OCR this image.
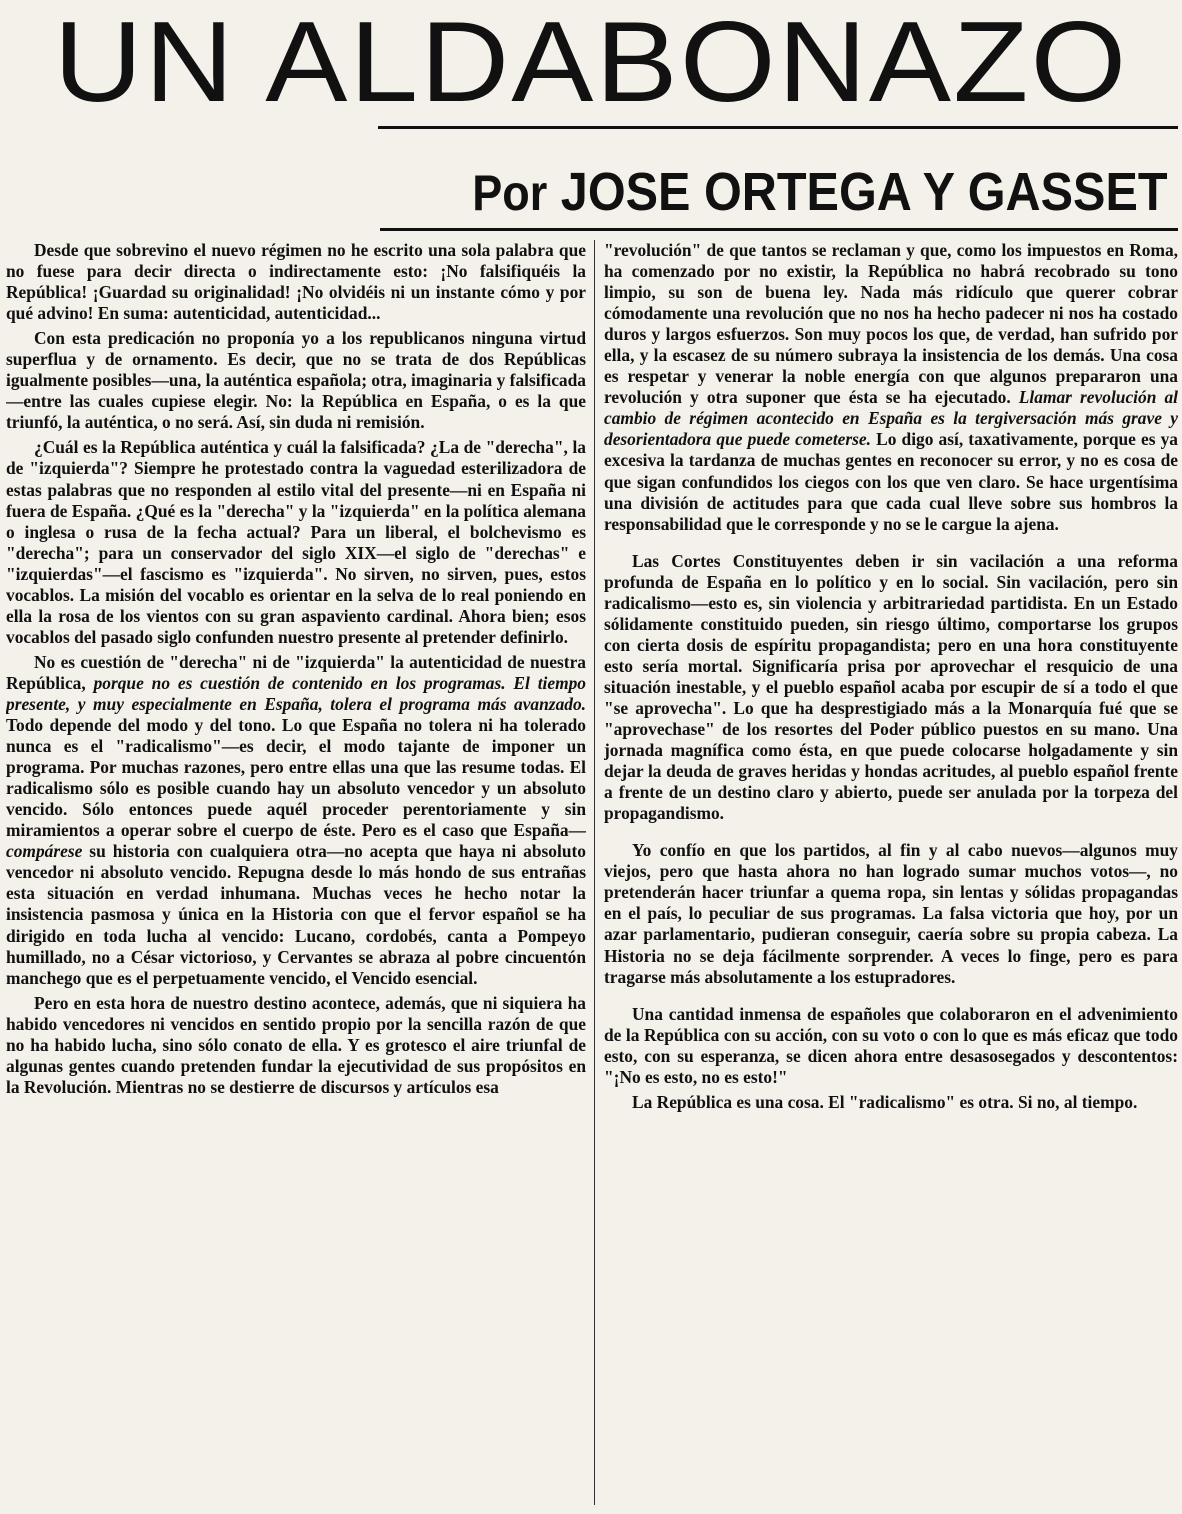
UN ALDABONAZO
Por JOSE ORTEGA Y GASSET

Desde que sobrevino el nuevo régimen no he escrito una sola palabra que no fuese para decir directa o indirectamente esto: ¡No falsifiquéis la República! ¡Guardad su originalidad! ¡No olvidéis ni un instante cómo y por qué advino! En suma: autenticidad, autenticidad...

Con esta predicación no proponía yo a los republicanos ninguna virtud superflua y de ornamento. Es decir, que no se trata de dos Repúblicas igualmente posibles—una, la auténtica española; otra, imaginaria y falsificada—entre las cuales cupiese elegir. No: la República en España, o es la que triunfó, la auténtica, o no será. Así, sin duda ni remisión.

¿Cuál es la República auténtica y cuál la falsificada? ¿La de "derecha", la de "izquierda"? Siempre he protestado contra la vaguedad esterilizadora de estas palabras que no responden al estilo vital del presente—ni en España ni fuera de España. ¿Qué es la "derecha" y la "izquierda" en la política alemana o inglesa o rusa de la fecha actual? Para un liberal, el bolchevismo es "derecha"; para un conservador del siglo XIX—el siglo de "derechas" e "izquierdas"—el fascismo es "izquierda". No sirven, no sirven, pues, estos vocablos. La misión del vocablo es orientar en la selva de lo real poniendo en ella la rosa de los vientos con su gran aspaviento cardinal. Ahora bien; esos vocablos del pasado siglo confunden nuestro presente al pretender definirlo.

No es cuestión de "derecha" ni de "izquierda" la autenticidad de nuestra República, porque no es cuestión de contenido en los programas. El tiempo presente, y muy especialmente en España, tolera el programa más avanzado. Todo depende del modo y del tono. Lo que España no tolera ni ha tolerado nunca es el "radicalismo"—es decir, el modo tajante de imponer un programa. Por muchas razones, pero entre ellas una que las resume todas. El radicalismo sólo es posible cuando hay un absoluto vencedor y un absoluto vencido. Sólo entonces puede aquél proceder perentoriamente y sin miramientos a operar sobre el cuerpo de éste. Pero es el caso que España—compárese su historia con cualquiera otra—no acepta que haya ni absoluto vencedor ni absoluto vencido. Repugna desde lo más hondo de sus entrañas esta situación en verdad inhumana. Muchas veces he hecho notar la insistencia pasmosa y única en la Historia con que el fervor español se ha dirigido en toda lucha al vencido: Lucano, cordobés, canta a Pompeyo humillado, no a César victorioso, y Cervantes se abraza al pobre cincuentón manchego que es el perpetuamente vencido, el Vencido esencial.

Pero en esta hora de nuestro destino acontece, además, que ni siquiera ha habido vencedores ni vencidos en sentido propio por la sencilla razón de que no ha habido lucha, sino sólo conato de ella. Y es grotesco el aire triunfal de algunas gentes cuando pretenden fundar la ejecutividad de sus propósitos en la Revolución. Mientras no se destierre de discursos y artículos esa

"revolución" de que tantos se reclaman y que, como los impuestos en Roma, ha comenzado por no existir, la República no habrá recobrado su tono limpio, su son de buena ley. Nada más ridículo que querer cobrar cómodamente una revolución que no nos ha hecho padecer ni nos ha costado duros y largos esfuerzos. Son muy pocos los que, de verdad, han sufrido por ella, y la escasez de su número subraya la insistencia de los demás. Una cosa es respetar y venerar la noble energía con que algunos prepararon una revolución y otra suponer que ésta se ha ejecutado. Llamar revolución al cambio de régimen acontecido en España es la tergiversación más grave y desorientadora que puede cometerse. Lo digo así, taxativamente, porque es ya excesiva la tardanza de muchas gentes en reconocer su error, y no es cosa de que sigan confundidos los ciegos con los que ven claro. Se hace urgentísima una división de actitudes para que cada cual lleve sobre sus hombros la responsabilidad que le corresponde y no se le cargue la ajena.

Las Cortes Constituyentes deben ir sin vacilación a una reforma profunda de España en lo político y en lo social. Sin vacilación, pero sin radicalismo—esto es, sin violencia y arbitrariedad partidista. En un Estado sólidamente constituido pueden, sin riesgo último, comportarse los grupos con cierta dosis de espíritu propagandista; pero en una hora constituyente esto sería mortal. Significaría prisa por aprovechar el resquicio de una situación inestable, y el pueblo español acaba por escupir de sí a todo el que "se aprovecha". Lo que ha desprestigiado más a la Monarquía fué que se "aprovechase" de los resortes del Poder público puestos en su mano. Una jornada magnífica como ésta, en que puede colocarse holgadamente y sin dejar la deuda de graves heridas y hondas acritudes, al pueblo español frente a frente de un destino claro y abierto, puede ser anulada por la torpeza del propagandismo.

Yo confío en que los partidos, al fin y al cabo nuevos—algunos muy viejos, pero que hasta ahora no han logrado sumar muchos votos—, no pretenderán hacer triunfar a quema ropa, sin lentas y sólidas propagandas en el país, lo peculiar de sus programas. La falsa victoria que hoy, por un azar parlamentario, pudieran conseguir, caería sobre su propia cabeza. La Historia no se deja fácilmente sorprender. A veces lo finge, pero es para tragarse más absolutamente a los estupradores.

Una cantidad inmensa de españoles que colaboraron en el advenimiento de la República con su acción, con su voto o con lo que es más eficaz que todo esto, con su esperanza, se dicen ahora entre desasosegados y descontentos: "¡No es esto, no es esto!"

La República es una cosa. El "radicalismo" es otra. Si no, al tiempo.
